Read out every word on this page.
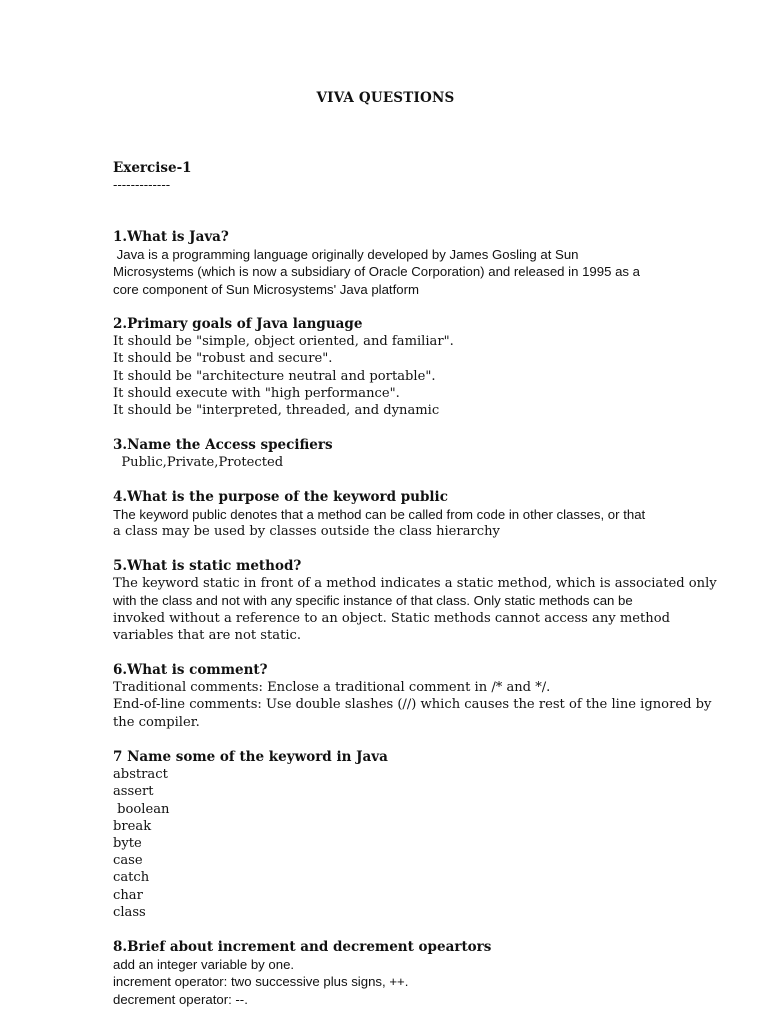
VIVA QUESTIONS
Exercise-1
-------------
1.What is Java?
Java is a programming language originally developed by James Gosling at Sun
Microsystems (which is now a subsidiary of Oracle Corporation) and released in 1995 as a
core component of Sun Microsystems' Java platform
2.Primary goals of Java language
It should be "simple, object oriented, and familiar".
It should be "robust and secure".
It should be "architecture neutral and portable".
It should execute with "high performance".
It should be "interpreted, threaded, and dynamic
3.Name the Access specifiers
Public,Private,Protected
4.What is the purpose of the keyword public
The keyword public denotes that a method can be called from code in other classes, or that
a class may be used by classes outside the class hierarchy
5.What is static method?
The keyword static in front of a method indicates a static method, which is associated only
with the class and not with any specific instance of that class. Only static methods can be
invoked without a reference to an object. Static methods cannot access any method
variables that are not static.
6.What is comment?
Traditional comments: Enclose a traditional comment in /* and */.
End-of-line comments: Use double slashes (//) which causes the rest of the line ignored by
the compiler.
7 Name some of the keyword in Java
abstract
assert
boolean
break
byte
case
catch
char
class
8.Brief about increment and decrement opeartors
add an integer variable by one.
increment operator: two successive plus signs, ++.
decrement operator: --.
